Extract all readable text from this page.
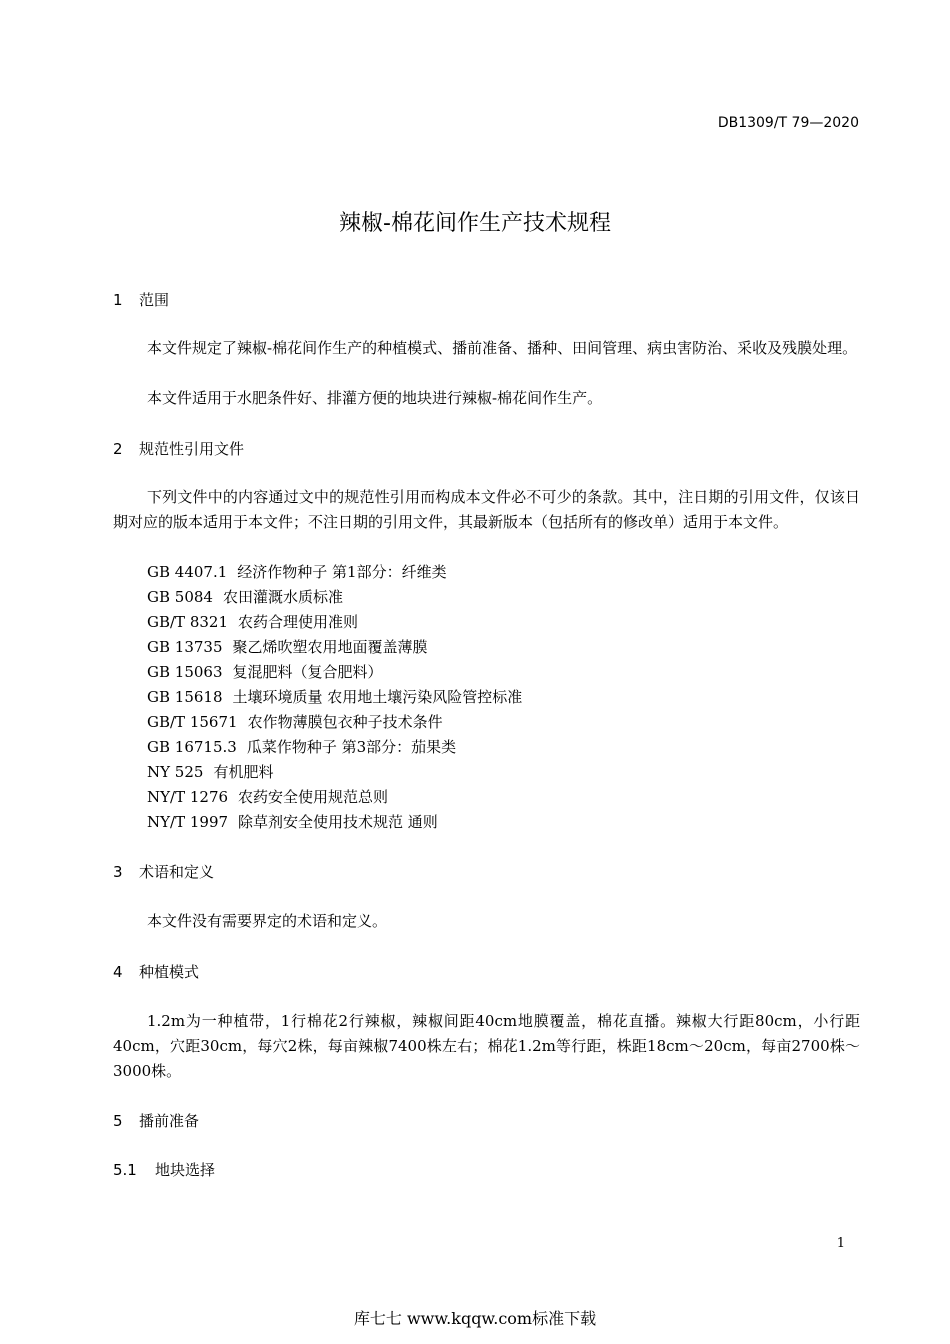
DB1309/T 79—2020
辣椒-棉花间作生产技术规程
1 范围
本文件规定了辣椒-棉花间作生产的种植模式、播前准备、播种、田间管理、病虫害防治、采收及残膜处理。
本文件适用于水肥条件好、排灌方便的地块进行辣椒-棉花间作生产。
2 规范性引用文件
下列文件中的内容通过文中的规范性引用而构成本文件必不可少的条款。其中，注日期的引用文件，仅该日期对应的版本适用于本文件；不注日期的引用文件，其最新版本（包括所有的修改单）适用于本文件。
GB 4407.1 经济作物种子 第1部分：纤维类
GB 5084 农田灌溉水质标准
GB/T 8321 农药合理使用准则
GB 13735 聚乙烯吹塑农用地面覆盖薄膜
GB 15063 复混肥料（复合肥料）
GB 15618 土壤环境质量 农用地土壤污染风险管控标准
GB/T 15671 农作物薄膜包衣种子技术条件
GB 16715.3 瓜菜作物种子 第3部分：茄果类
NY 525 有机肥料
NY/T 1276 农药安全使用规范总则
NY/T 1997 除草剂安全使用技术规范 通则
3 术语和定义
本文件没有需要界定的术语和定义。
4 种植模式
1.2m为一种植带，1行棉花2行辣椒，辣椒间距40cm地膜覆盖，棉花直播。辣椒大行距80cm，小行距40cm，穴距30cm，每穴2株，每亩辣椒7400株左右；棉花1.2m等行距，株距18cm～20cm，每亩2700株～3000株。
5 播前准备
5.1 地块选择
1
库七七 www.kqqw.com标准下载
